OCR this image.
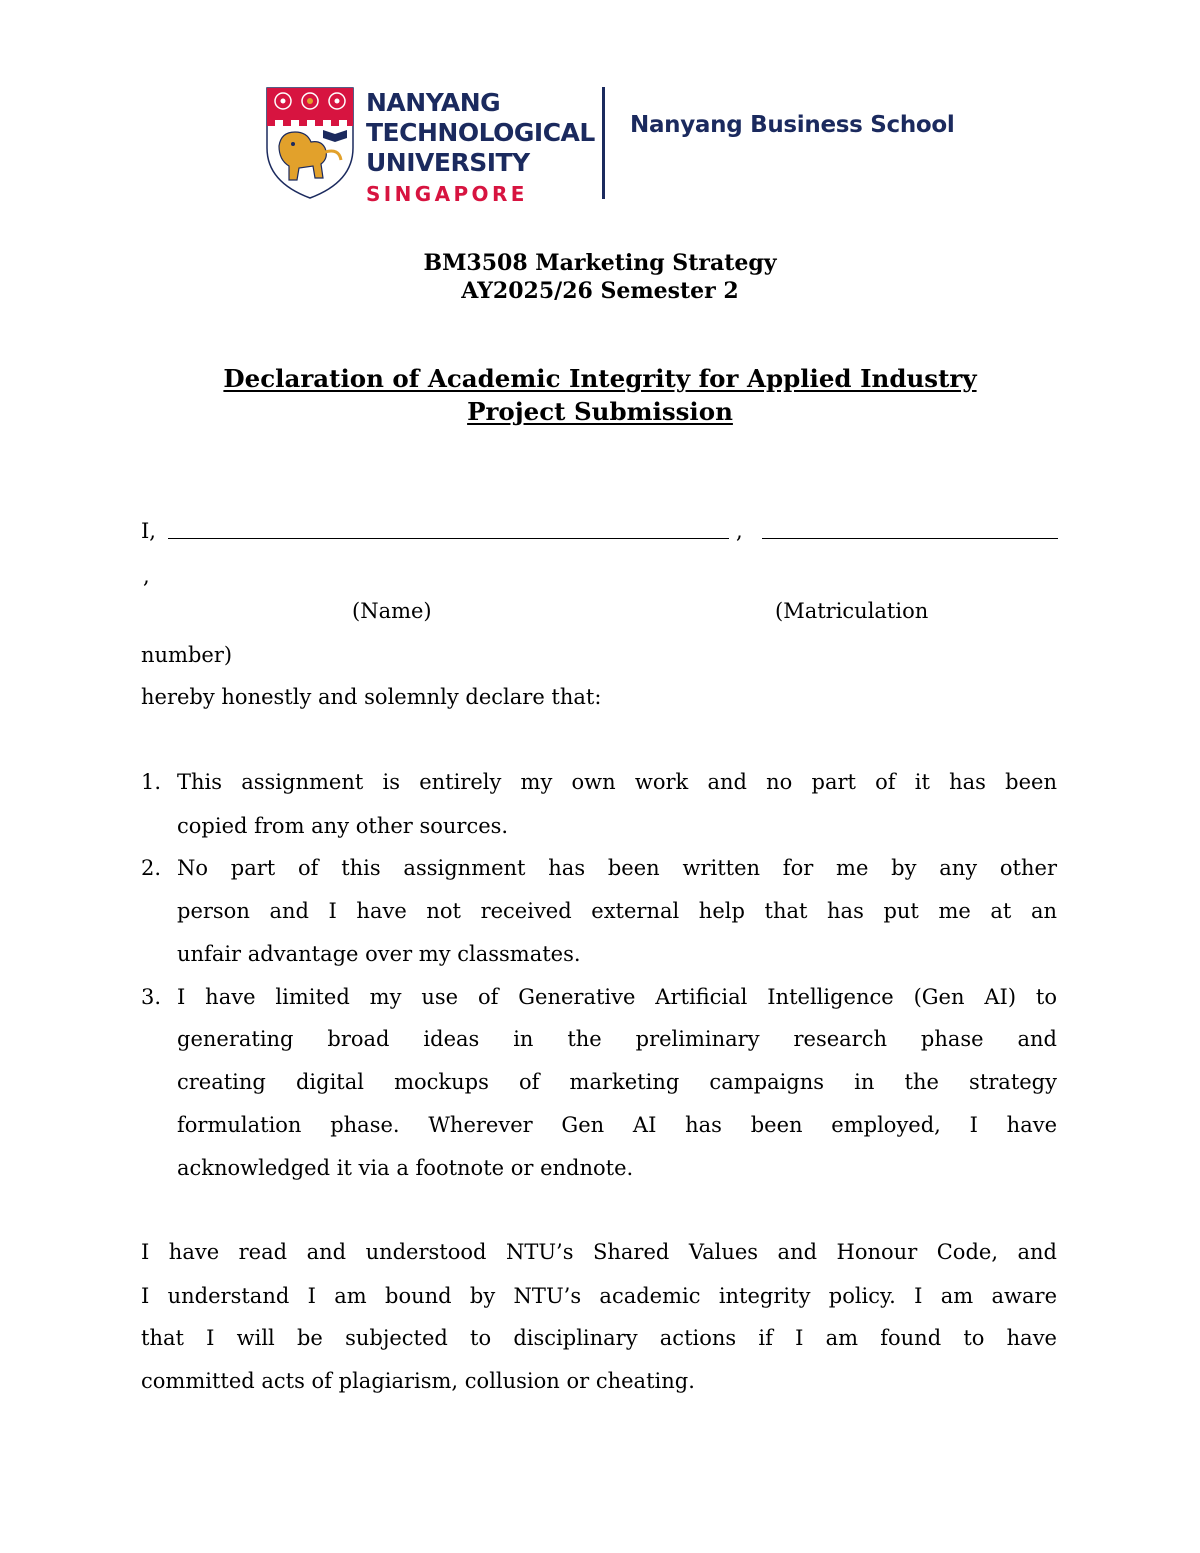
NANYANG
TECHNOLOGICAL
UNIVERSITY
SINGAPORE
Nanyang Business School
BM3508 Marketing Strategy
AY2025/26 Semester 2
Declaration of Academic Integrity for Applied Industry
Project Submission
I,	,
,
(Name)	(Matriculation
number)
hereby honestly and solemnly declare that:
1. This assignment is entirely my own work and no part of it has been
copied from any other sources.
2. No part of this assignment has been written for me by any other
person and I have not received external help that has put me at an
unfair advantage over my classmates.
3. I have limited my use of Generative Artificial Intelligence (Gen AI) to
generating broad ideas in the preliminary research phase and
creating digital mockups of marketing campaigns in the strategy
formulation phase. Wherever Gen AI has been employed, I have
acknowledged it via a footnote or endnote.
I have read and understood NTU’s Shared Values and Honour Code, and
I understand I am bound by NTU’s academic integrity policy. I am aware
that I will be subjected to disciplinary actions if I am found to have
committed acts of plagiarism, collusion or cheating.
